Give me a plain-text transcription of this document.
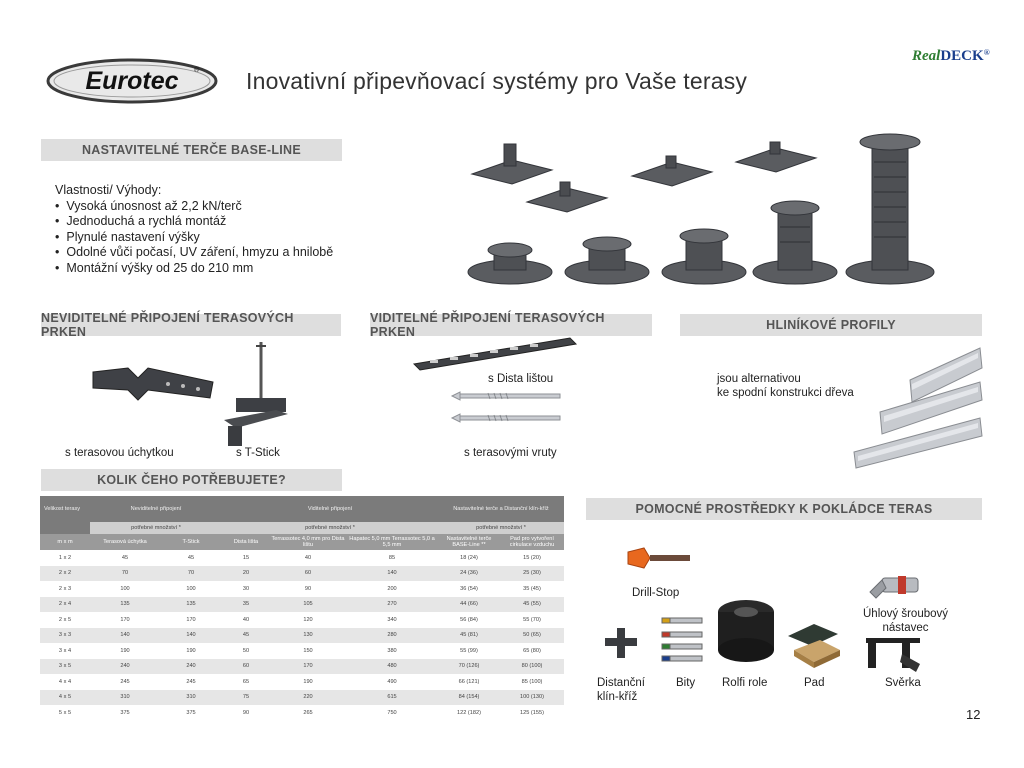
Eurotec ® Inovativní připevňovací systémy pro Vaše terasy
RealDECK®
NASTAVITELNÉ TERČE BASE-LINE
NEVIDITELNÉ PŘIPOJENÍ TERASOVÝCH PRKEN
VIDITELNÉ PŘIPOJENÍ TERASOVÝCH PRKEN	HLINÍKOVÉ PROFILY
KOLIK ČEHO POTŘEBUJETE?
POMOCNÉ PROSTŘEDKY K POKLÁDCE TERAS
Vlastnosti/ Výhody:
• Vysoká únosnost až 2,2 kN/terč
• Jednoduchá a rychlá montáž
• Plynulé nastavení výšky
• Odolné vůči počasí, UV záření, hmyzu a hnilobě
• Montážní výšky od 25 do 210 mm
s terasovou úchytkou	s T-Stick
s Dista lištou
s terasovými vruty
jsou alternativou
ke spodní konstrukci dřeva
Velikost terasy	Neviditelné připojení		Viditelné připojení			Nastavitelné terče a Distanční klín-kříž	
	potřebné množství *		potřebné množství *			potřebné množství *	
m x m	Terasová úchytka	T-Stick	Dista lišta	Terrassotec 4,0 mm pro Dista lištu	Hapatec 5,0 mm Terrassotec 5,0 a 5,5 mm	Nastavitelné terče BASE-Line **	Pad pro vytvoření cirkulace vzduchu
1 x 2	45	45	15	40	85	18 (24)	15 (20)
2 x 2	70	70	20	60	140	24 (36)	25 (30)
2 x 3	100	100	30	90	200	36 (54)	35 (45)
2 x 4	135	135	35	105	270	44 (66)	45 (55)
2 x 5	170	170	40	120	340	56 (84)	55 (70)
3 x 3	140	140	45	130	280	45 (81)	50 (65)
3 x 4	190	190	50	150	380	55 (99)	65 (80)
3 x 5	240	240	60	170	480	70 (126)	80 (100)
4 x 4	245	245	65	190	490	66 (121)	85 (100)
4 x 5	310	310	75	220	615	84 (154)	100 (130)
5 x 5	375	375	90	265	750	122 (182)	125 (155)
Drill-Stop
Distanční
klín-kříž
Bity Rolfi role	Pad
Úhlový šroubový
nástavec
Svěrka
12
